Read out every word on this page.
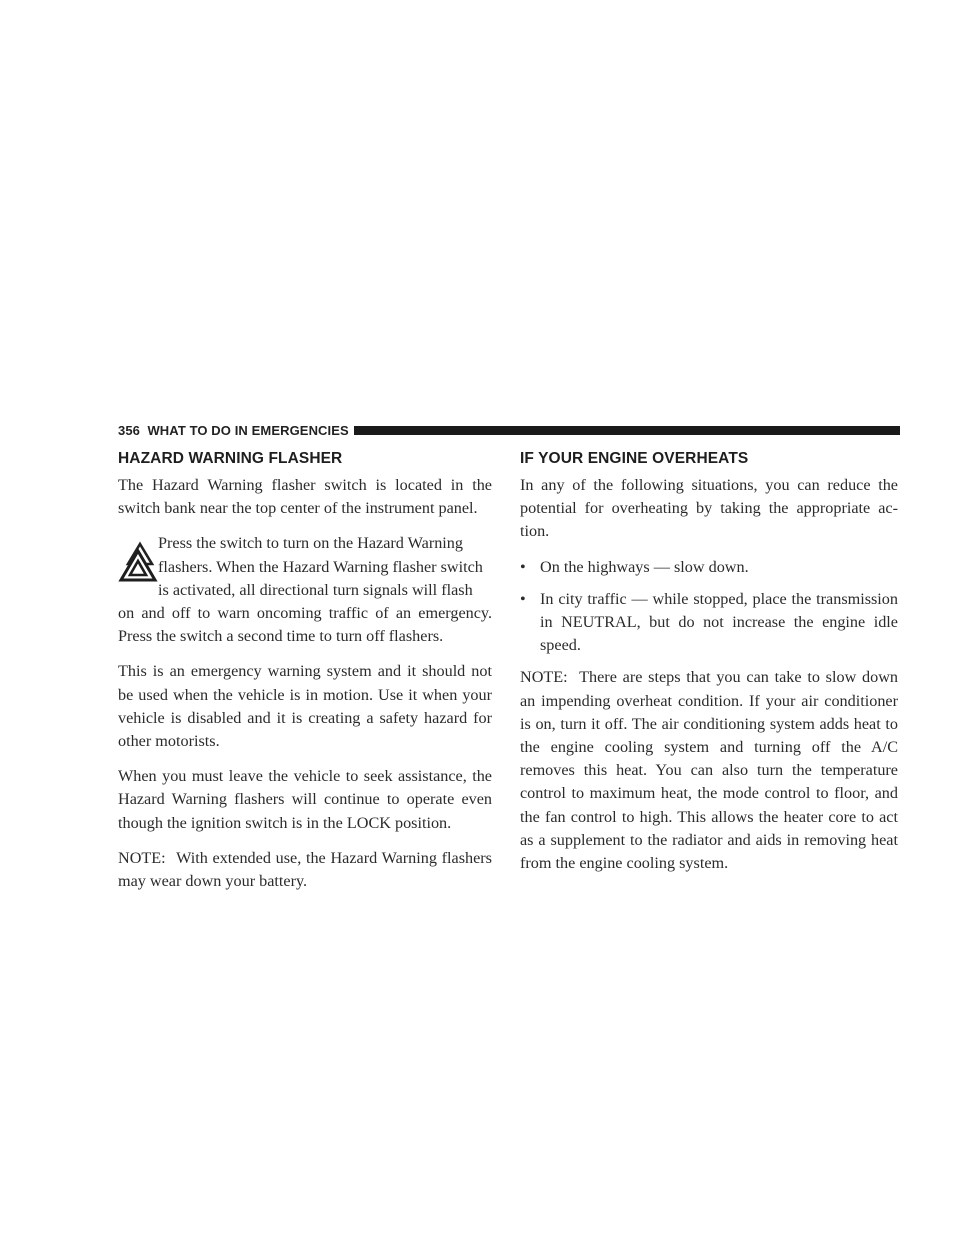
356 WHAT TO DO IN EMERGENCIES
HAZARD WARNING FLASHER

The Hazard Warning flasher switch is located in the switch bank near the top center of the instrument panel.

Press the switch to turn on the Hazard Warning
flashers. When the Hazard Warning flasher switch
is activated, all directional turn signals will flash

on and off to warn oncoming traffic of an emergency. Press the switch a second time to turn off flashers.

This is an emergency warning system and it should not be used when the vehicle is in motion. Use it when your vehicle is disabled and it is creating a safety hazard for other motorists.

When you must leave the vehicle to seek assistance, the Hazard Warning flashers will continue to operate even though the ignition switch is in the LOCK position.

NOTE: With extended use, the Hazard Warning flashers may wear down your battery.

IF YOUR ENGINE OVERHEATS

In any of the following situations, you can reduce the potential for overheating by taking the appropriate ac-tion.

• On the highways — slow down.
• In city traffic — while stopped, place the transmission in NEUTRAL, but do not increase the engine idle speed.

NOTE: There are steps that you can take to slow down an impending overheat condition. If your air conditioner is on, turn it off. The air conditioning system adds heat to the engine cooling system and turning off the A/C removes this heat. You can also turn the temperature control to maximum heat, the mode control to floor, and the fan control to high. This allows the heater core to act as a supplement to the radiator and aids in removing heat from the engine cooling system.
